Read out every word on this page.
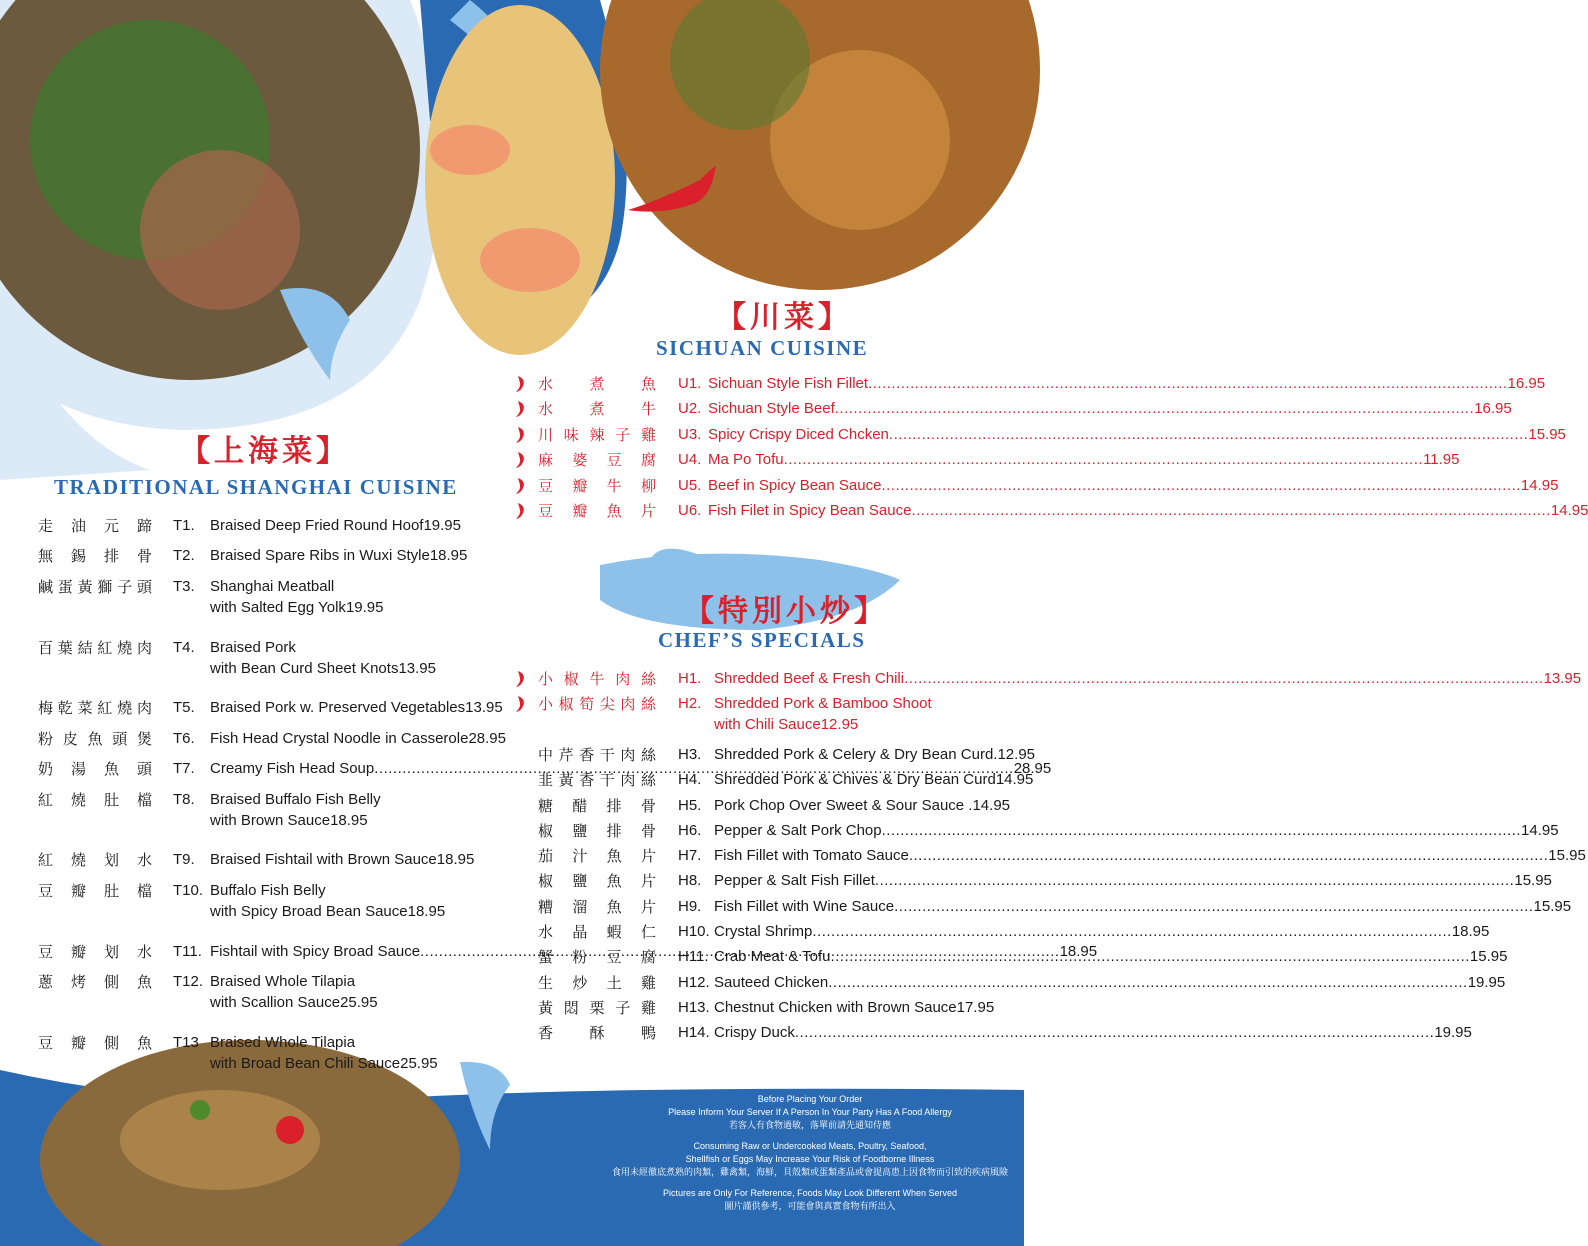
【上海菜】
TRADITIONAL SHANGHAI CUISINE
走 油 元 蹄 T1. Braised Deep Fried Round Hoof 19.95
無 錫 排 骨 T2. Braised Spare Ribs in Wuxi Style 18.95
鹹 蛋 黃 獅 子 頭 T3. Shanghai Meatball
with Salted Egg Yolk 19.95
百 葉 結 紅 燒 肉 T4. Braised Pork
with Bean Curd Sheet Knots 13.95
梅 乾 菜 紅 燒 肉 T5. Braised Pork w. Preserved Vegetables 13.95
粉 皮 魚 頭 煲 T6. Fish Head Crystal Noodle in Casserole 28.95
奶 湯 魚 頭 T7. Creamy Fish Head Soup .....	28.95
紅 燒 肚 檔 T8. Braised Buffalo Fish Belly
with Brown Sauce 18.95
紅 燒 划 水 T9. Braised Fishtail with Brown Sauce 18.95
豆 瓣 肚 檔 T10. Buffalo Fish Belly
with Spicy Broad Bean Sauce 18.95
豆 瓣 划 水 T11. Fishtail with Spicy Broad Sauce .....	18.95
蔥 烤 側 魚 T12. Braised Whole Tilapia
with Scallion Sauce 25.95
豆 瓣 側 魚 T13 Braised Whole Tilapia
with Broad Bean Chili Sauce 25.95
【川菜】
SICHUAN CUISINE
水 煮 魚 U1. Sichuan Style Fish Fillet .....	16.95
水 煮 牛 U2. Sichuan Style Beef .....	16.95
川 味 辣 子 雞 U3. Spicy Crispy Diced Chcken .....	15.95
麻 婆 豆 腐 U4. Ma Po Tofu .....	11.95
豆 瓣 牛 柳 U5. Beef in Spicy Bean Sauce .....	14.95
豆 瓣 魚 片 U6. Fish Filet in Spicy Bean Sauce .....	14.95
【特別小炒】
CHEF’S SPECIALS
小 椒 牛 肉 絲 H1. Shredded Beef & Fresh Chili .....	13.95
小 椒 筍 尖 肉 絲 H2. Shredded Pork & Bamboo Shoot
with Chili Sauce 12.95
中 芹 香 干 肉 絲 H3. Shredded Pork & Celery & Dry Bean Curd. 12.95
韭 黃 香 干 肉 絲 H4. Shredded Pork & Chives & Dry Bean Curd 14.95
糖 醋 排 骨 H5. Pork Chop Over Sweet & Sour Sauce . 14.95
椒 鹽 排 骨 H6. Pepper & Salt Pork Chop .....	14.95
茄 汁 魚 片 H7. Fish Fillet with Tomato Sauce .....	15.95
椒 鹽 魚 片 H8. Pepper & Salt Fish Fillet .....	15.95
糟 溜 魚 片 H9. Fish Fillet with Wine Sauce .....	15.95
水 晶 蝦 仁 H10. Crystal Shrimp .....	18.95
蟹 粉 豆 腐 H11. Crab Meat & Tofu .....	15.95
生 炒 土 雞 H12. Sauteed Chicken .....	19.95
黃 悶 栗 子 雞 H13. Chestnut Chicken with Brown Sauce 17.95
香 酥 鴨 H14. Crispy Duck .....	19.95
Before Placing Your Order
Please Inform Your Server If A Person In Your Party Has A Food Allergy
若客人有食物過敏，落單前請先通知侍應
Consuming Raw or Undercooked Meats, Poultry, Seafood,
Shellfish or Eggs May Increase Your Risk of Foodborne Illness
食用未經徹底煮熟的肉類，雞禽類，海鮮，貝殼類或蛋類產品或會提高患上因食物而引致的疾病風險
Pictures are Only For Reference, Foods May Look Different When Served
圖片謹供參考，可能會與真實食物有所出入
